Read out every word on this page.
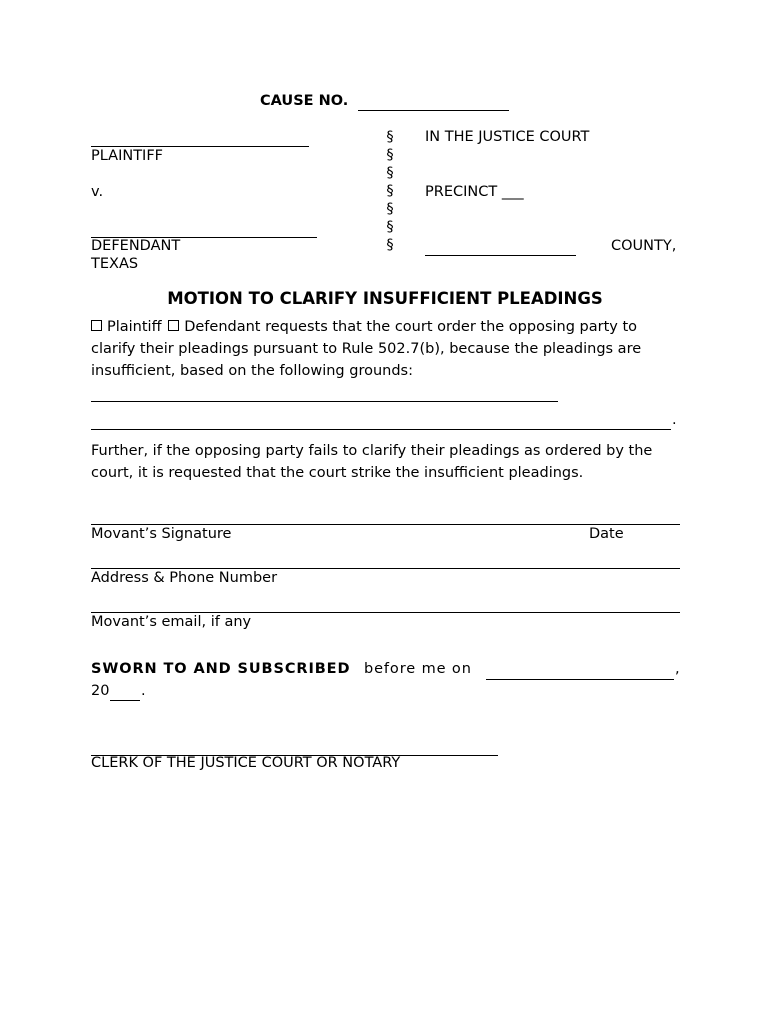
CAUSE NO.
PLAINTIFF
v.
DEFENDANT
TEXAS
§
§
§
§
§
§
§
IN THE JUSTICE COURT
PRECINCT ___
COUNTY,
MOTION TO CLARIFY INSUFFICIENT PLEADINGS
Plaintiff Defendant requests that the court order the opposing party to clarify their pleadings pursuant to Rule 502.7(b), because the pleadings are insufficient, based on the following grounds:
.
Further, if the opposing party fails to clarify their pleadings as ordered by the court, it is requested that the court strike the insufficient pleadings.
Movant’s Signature	Date
Address & Phone Number
Movant’s email, if any
SWORN TO AND SUBSCRIBED before me on	,
20 .
CLERK OF THE JUSTICE COURT OR NOTARY
